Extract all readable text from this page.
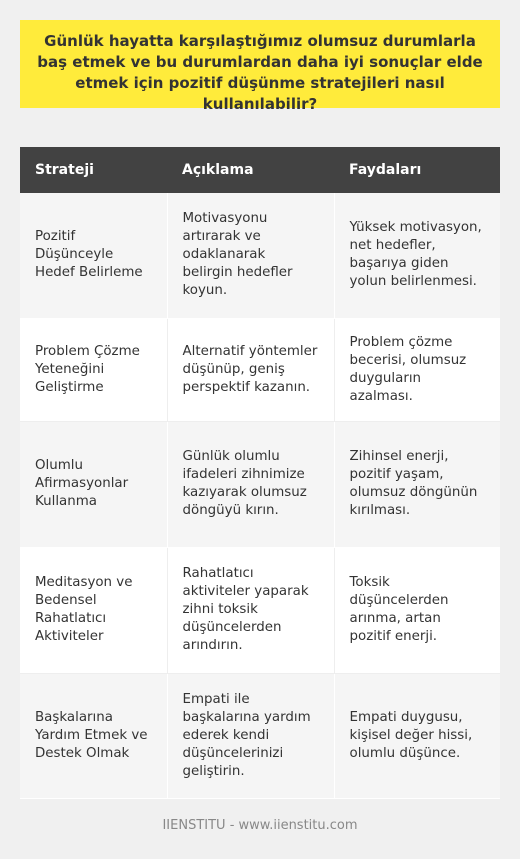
Günlük hayatta karşılaştığımız olumsuz durumlarla baş etmek ve bu durumlardan daha iyi sonuçlar elde etmek için pozitif düşünme stratejileri nasıl kullanılabilir?
Strateji	Açıklama	Faydaları
Pozitif Düşünceyle Hedef Belirleme	Motivasyonu artırarak ve odaklanarak belirgin hedefler koyun.	Yüksek motivasyon, net hedefler, başarıya giden yolun belirlenmesi.
Problem Çözme Yeteneğini Geliştirme	Alternatif yöntemler düşünüp, geniş perspektif kazanın.	Problem çözme becerisi, olumsuz duyguların azalması.
Olumlu Afirmasyonlar Kullanma	Günlük olumlu ifadeleri zihnimize kazıyarak olumsuz döngüyü kırın.	Zihinsel enerji, pozitif yaşam, olumsuz döngünün kırılması.
Meditasyon ve Bedensel Rahatlatıcı Aktiviteler	Rahatlatıcı aktiviteler yaparak zihni toksik düşüncelerden arındırın.	Toksik düşüncelerden arınma, artan pozitif enerji.
Başkalarına Yardım Etmek ve Destek Olmak	Empati ile başkalarına yardım ederek kendi düşüncelerinizi geliştirin.	Empati duygusu, kişisel değer hissi, olumlu düşünce.
IIENSTITU - www.iienstitu.com
